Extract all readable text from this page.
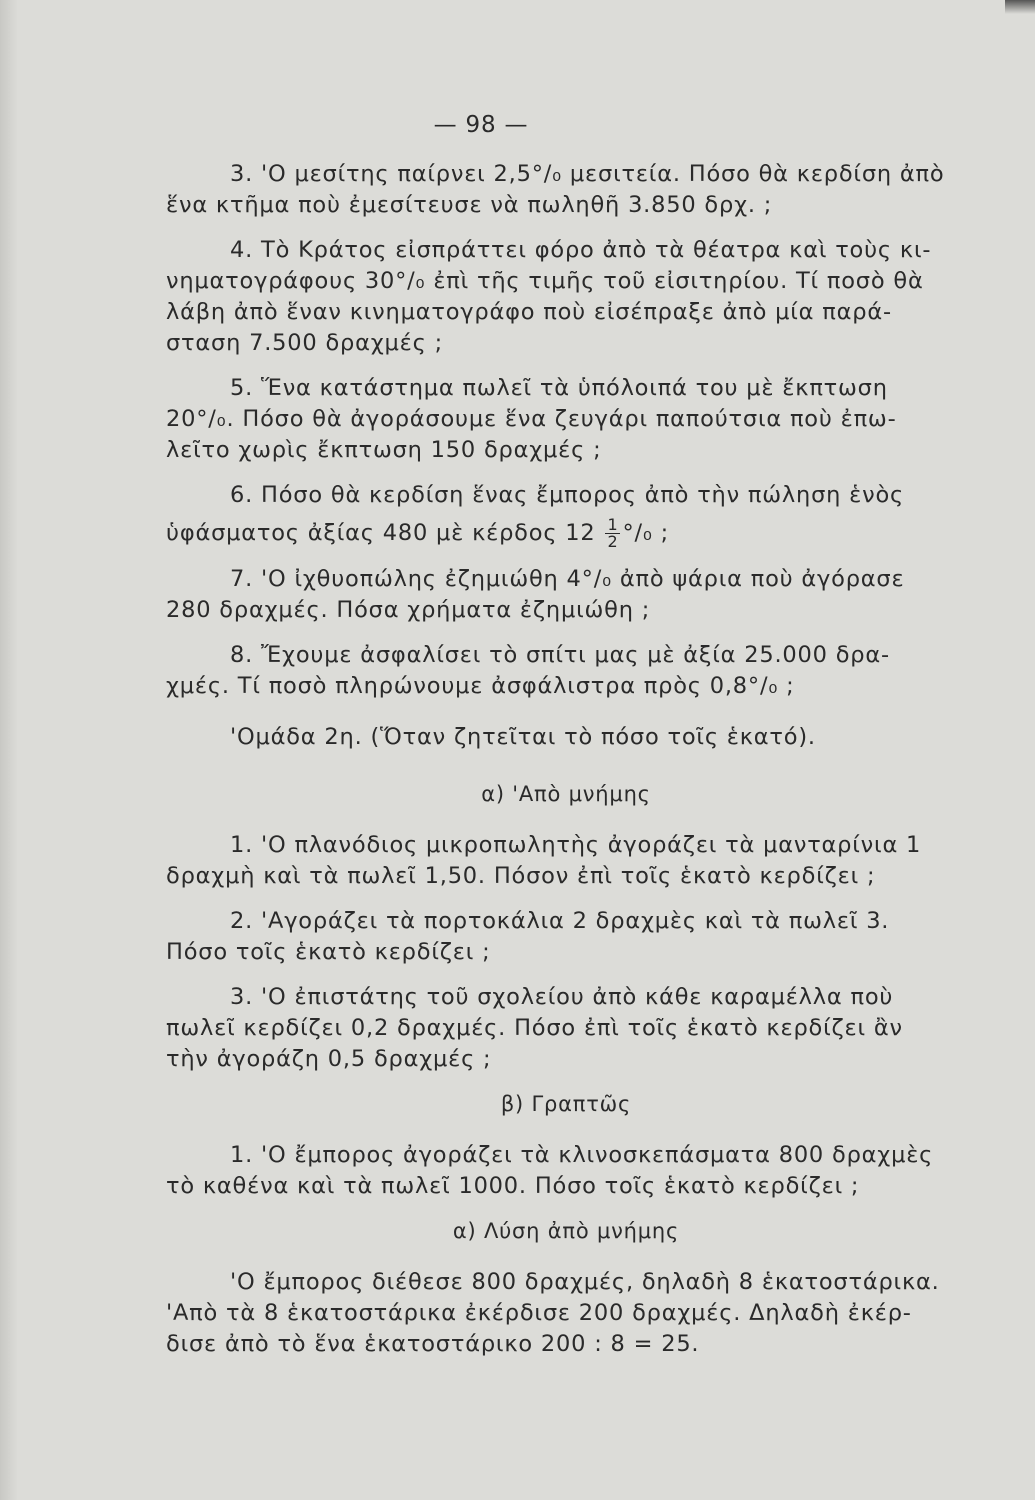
— 98 —
3. 'Ο μεσίτης παίρνει 2,5°/₀ μεσιτεία. Πόσο θὰ κερδίση ἀπὸ
ἕνα κτῆμα ποὺ ἐμεσίτευσε νὰ πωληθῆ 3.850 δρχ. ;
4. Τὸ Κράτος εἰσπράττει φόρο ἀπὸ τὰ θέατρα καὶ τοὺς κι-
νηματογράφους 30°/₀ ἐπὶ τῆς τιμῆς τοῦ εἰσιτηρίου. Τί ποσὸ θὰ
λάβη ἀπὸ ἕναν κινηματογράφο ποὺ εἰσέπραξε ἀπὸ μία παρά-
σταση 7.500 δραχμές ;
5. Ἕνα κατάστημα πωλεῖ τὰ ὑπόλοιπά του μὲ ἔκπτωση
20°/₀. Πόσο θὰ ἀγοράσουμε ἕνα ζευγάρι παπούτσια ποὺ ἐπω-
λεῖτο χωρὶς ἔκπτωση 150 δραχμές ;
6. Πόσο θὰ κερδίση ἕνας ἔμπορος ἀπὸ τὴν πώληση ἑνὸς
ὑφάσματος ἀξίας 480 μὲ κέρδος $12 \frac{1}{2} ^\circ/_0$ ;
7. 'Ο ἰχθυοπώλης ἐζημιώθη 4°/₀ ἀπὸ ψάρια ποὺ ἀγόρασε
280 δραχμές. Πόσα χρήματα ἐζημιώθη ;
8. Ἔχουμε ἀσφαλίσει τὸ σπίτι μας μὲ ἀξία 25.000 δρα-
χμές. Τί ποσὸ πληρώνουμε ἀσφάλιστρα πρὸς 0,8°/₀ ;
'Ομάδα 2η. (Ὅταν ζητεῖται τὸ πόσο τοῖς ἑκατό).
α) 'Απὸ μνήμης
1. 'Ο πλανόδιος μικροπωλητὴς ἀγοράζει τὰ μανταρίνια 1
δραχμὴ καὶ τὰ πωλεῖ 1,50. Πόσον ἐπὶ τοῖς ἑκατὸ κερδίζει ;
2. 'Αγοράζει τὰ πορτοκάλια 2 δραχμὲς καὶ τὰ πωλεῖ 3.
Πόσο τοῖς ἑκατὸ κερδίζει ;
3. 'Ο ἐπιστάτης τοῦ σχολείου ἀπὸ κάθε καραμέλλα ποὺ
πωλεῖ κερδίζει 0,2 δραχμές. Πόσο ἐπὶ τοῖς ἑκατὸ κερδίζει ἂν
τὴν ἀγοράζη 0,5 δραχμές ;
β) Γραπτῶς
1. 'Ο ἔμπορος ἀγοράζει τὰ κλινοσκεπάσματα 800 δραχμὲς
τὸ καθένα καὶ τὰ πωλεῖ 1000. Πόσο τοῖς ἑκατὸ κερδίζει ;
α) Λύση ἀπὸ μνήμης
'Ο ἔμπορος διέθεσε 800 δραχμές, δηλαδὴ 8 ἑκατοστάρικα.
'Απὸ τὰ 8 ἑκατοστάρικα ἐκέρδισε 200 δραχμές. Δηλαδὴ ἐκέρ-
δισε ἀπὸ τὸ ἕνα ἑκατοστάρικο 200 : 8 = 25.
